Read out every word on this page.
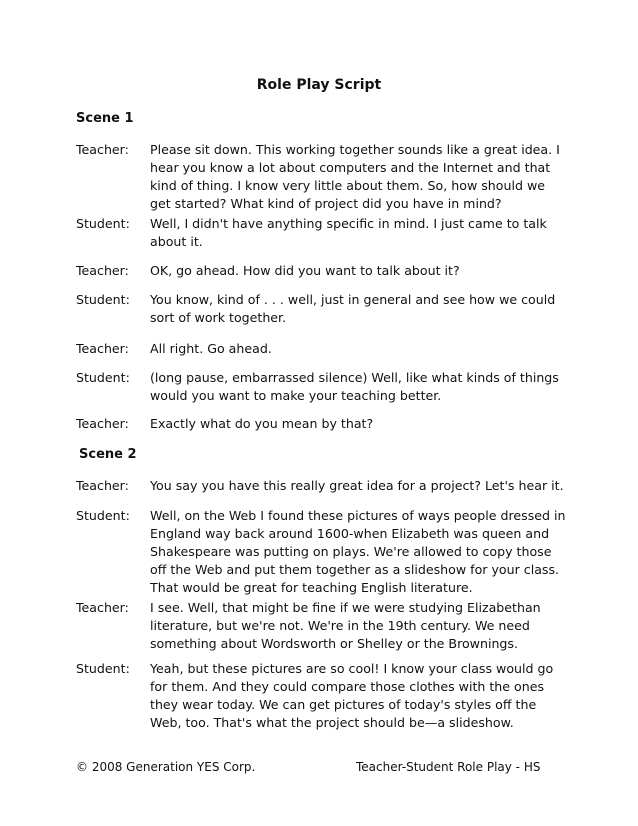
Role Play Script
Scene 1
Teacher:	Please sit down. This working together sounds like a great idea. I hear you know a lot about computers and the Internet and that kind of thing. I know very little about them. So, how should we get started? What kind of project did you have in mind?
Student:	Well, I didn't have anything specific in mind. I just came to talk about it.
Teacher:	OK, go ahead. How did you want to talk about it?
Student:	You know, kind of . . . well, just in general and see how we could sort of work together.
Teacher:	All right. Go ahead.
Student:	(long pause, embarrassed silence) Well, like what kinds of things would you want to make your teaching better.
Teacher:	Exactly what do you mean by that?
Scene 2
Teacher:	You say you have this really great idea for a project? Let's hear it.
Student:	Well, on the Web I found these pictures of ways people dressed in England way back around 1600-when Elizabeth was queen and Shakespeare was putting on plays. We're allowed to copy those off the Web and put them together as a slideshow for your class. That would be great for teaching English literature.
Teacher:	I see. Well, that might be fine if we were studying Elizabethan literature, but we're not. We're in the 19th century. We need something about Wordsworth or Shelley or the Brownings.
Student:	Yeah, but these pictures are so cool! I know your class would go for them. And they could compare those clothes with the ones they wear today. We can get pictures of today's styles off the Web, too. That's what the project should be—a slideshow.
© 2008 Generation YES Corp.	Teacher-Student Role Play - HS
